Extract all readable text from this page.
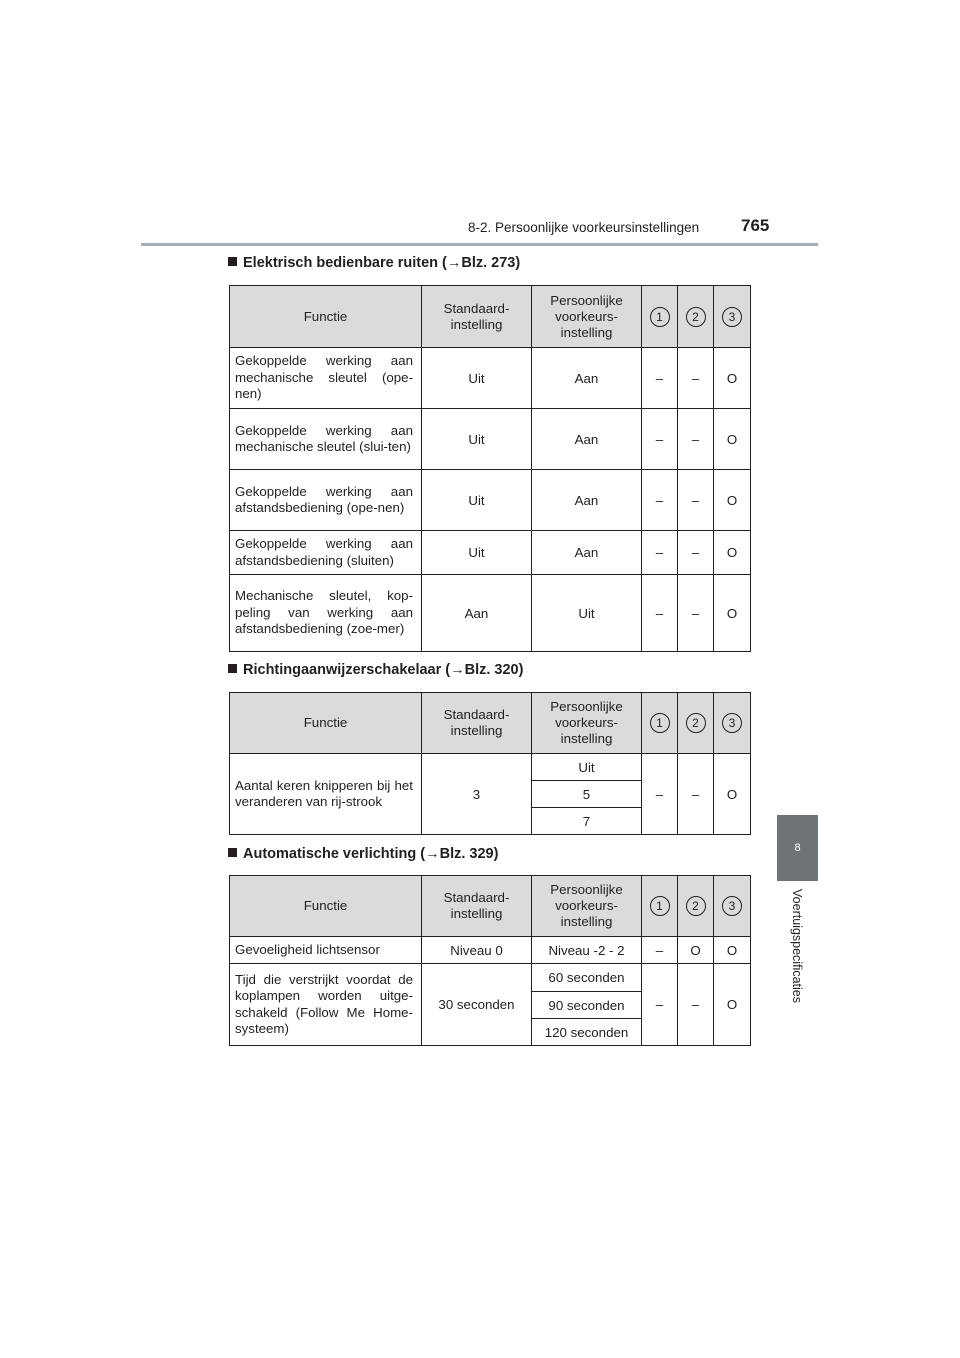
8-2. Persoonlijke voorkeursinstellingen 765
8
Voertuigspecificaties
Elektrisch bedienbare ruiten (→Blz. 273)
Functie	Standaard-instelling	Persoonlijke voorkeurs-instelling	1	2	3
Gekoppelde werking aan mechanische sleutel (ope-nen)	Uit	Aan	–	–	O
Gekoppelde werking aan mechanische sleutel (slui-ten)	Uit	Aan	–	–	O
Gekoppelde werking aan afstandsbediening (ope-nen)	Uit	Aan	–	–	O
Gekoppelde werking aan afstandsbediening (sluiten)	Uit	Aan	–	–	O
Mechanische sleutel, kop-peling van werking aan afstandsbediening (zoe-mer)	Aan	Uit	–	–	O
Richtingaanwijzerschakelaar (→Blz. 320)
Functie	Standaard-instelling	Persoonlijke voorkeurs-instelling	1	2	3
Aantal keren knipperen bij het veranderen van rij-strook	3	Uit	–	–	O
		5			
		7			
Automatische verlichting (→Blz. 329)
Functie	Standaard-instelling	Persoonlijke voorkeurs-instelling	1	2	3
Gevoeligheid lichtsensor	Niveau 0	Niveau -2 - 2	–	O	O
Tijd die verstrijkt voordat de koplampen worden uitge-schakeld (Follow Me Home-systeem)	30 seconden	60 seconden	–	–	O
		90 seconden			
		120 seconden			
